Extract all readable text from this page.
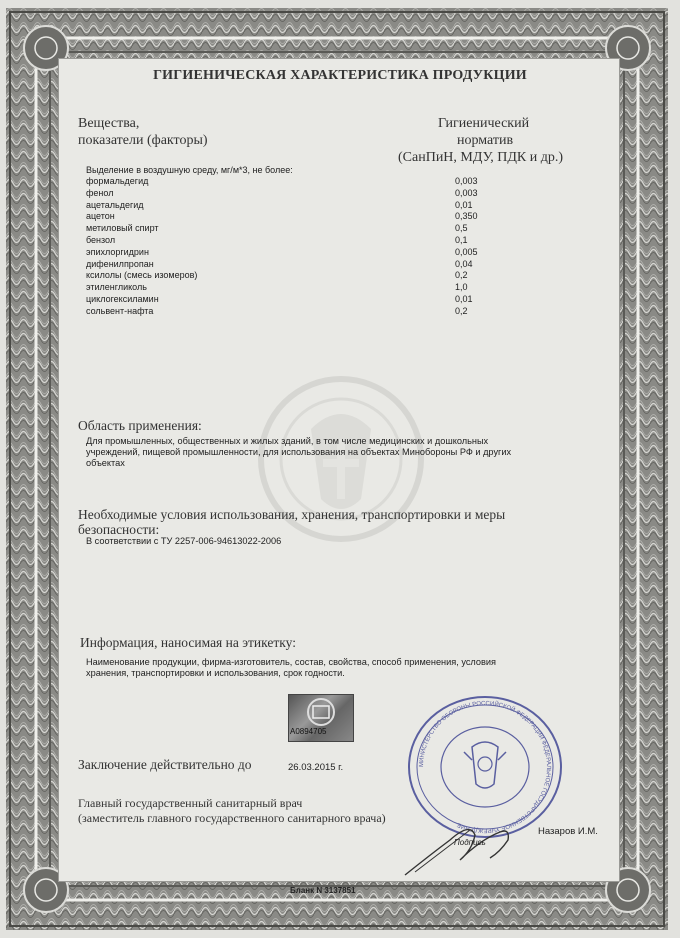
ГИГИЕНИЧЕСКАЯ ХАРАКТЕРИСТИКА ПРОДУКЦИИ
Вещества,
показатели (факторы)
Гигиенический
норматив
(СанПиН, МДУ, ПДК и др.)
Выделение в воздушную среду, мг/м*3, не более:
формальдегид	0,003
фенол	0,003
ацетальдегид	0,01
ацетон	0,350
метиловый спирт	0,5
бензол	0,1
эпихлоргидрин	0,005
дифенилпропан	0,04
ксилолы (смесь изомеров)	0,2
этиленгликоль	1,0
циклогексиламин	0,01
сольвент-нафта	0,2
Область применения:
Для промышленных, общественных и жилых зданий, в том числе медицинских и дошкольных
учреждений, пищевой промышленности, для использования на объектах Минобороны РФ и других
объектах
Необходимые условия использования, хранения, транспортировки и меры
безопасности:
В соответствии с ТУ 2257-006-94613022-2006
Информация, наносимая на этикетку:
Наименование продукции, фирма-изготовитель, состав, свойства, способ применения, условия
хранения, транспортировки и использования, срок годности.
А0894705
Заключение действительно до	26.03.2015 г.
Главный государственный санитарный врач
(заместитель главного государственного санитарного врача)
МИНИСТЕРСТВО ОБОРОНЫ РОССИЙСКОЙ ФЕДЕРАЦИИ ФЕДЕРАЛЬНОЕ ГОСУДАРСТВЕННОЕ УЧРЕЖДЕНИЕ
Подпись
Назаров И.М.
Бланк N 3137851
